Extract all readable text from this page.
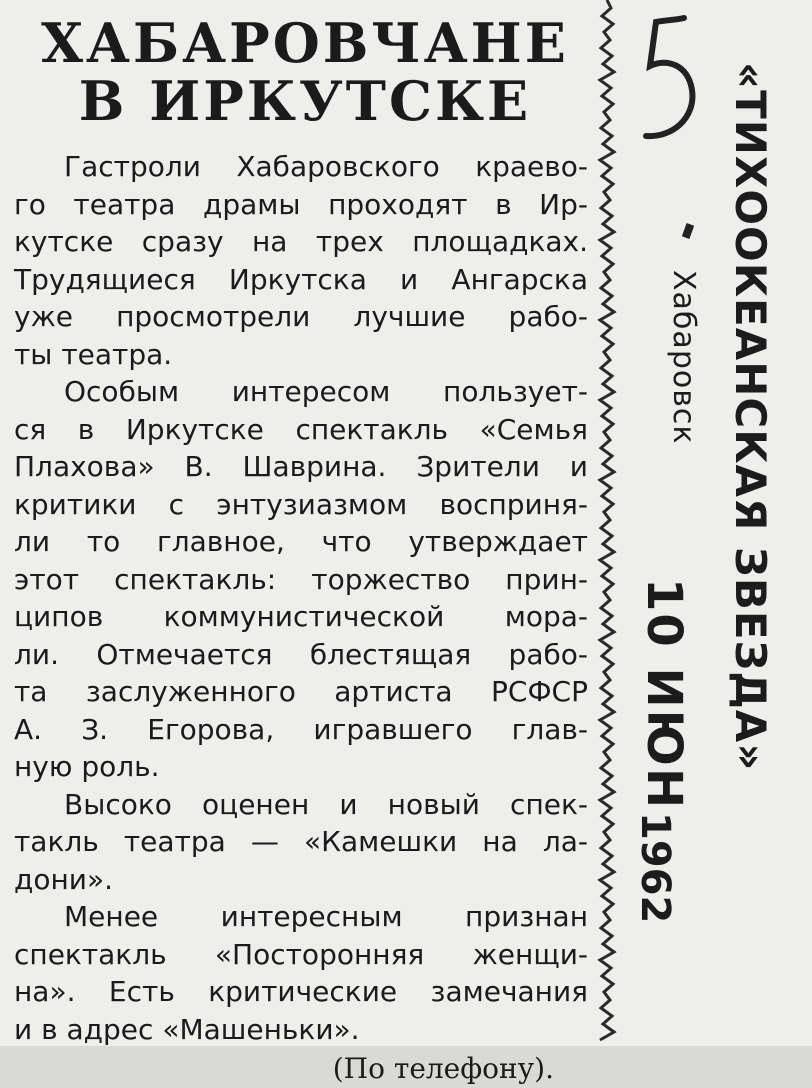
ХАБАРОВЧАНЕ
В ИРКУТСКЕ
Гастроли Хабаровского краево-
го театра драмы проходят в Ир-
кутске сразу на трех площадках.
Трудящиеся Иркутска и Ангарска
уже просмотрели лучшие рабо-
ты театра.
Особым интересом пользует-
ся в Иркутске спектакль «Семья
Плахова» В. Шаврина. Зрители и
критики с энтузиазмом восприня-
ли то главное, что утверждает
этот спектакль: торжество прин-
ципов коммунистической мора-
ли. Отмечается блестящая рабо-
та заслуженного артиста РСФСР
А. З. Егорова, игравшего глав-
ную роль.
Высоко оценен и новый спек-
такль театра — «Камешки на ла-
дони».
Менее интересным признан
спектакль «Посторонняя женщи-
на». Есть критические замечания
и в адрес «Машеньки».
(По телефону).
«ТИХООКЕАНСКАЯ ЗВЕЗДА»
Хабаровск
10 ИЮН
1962
